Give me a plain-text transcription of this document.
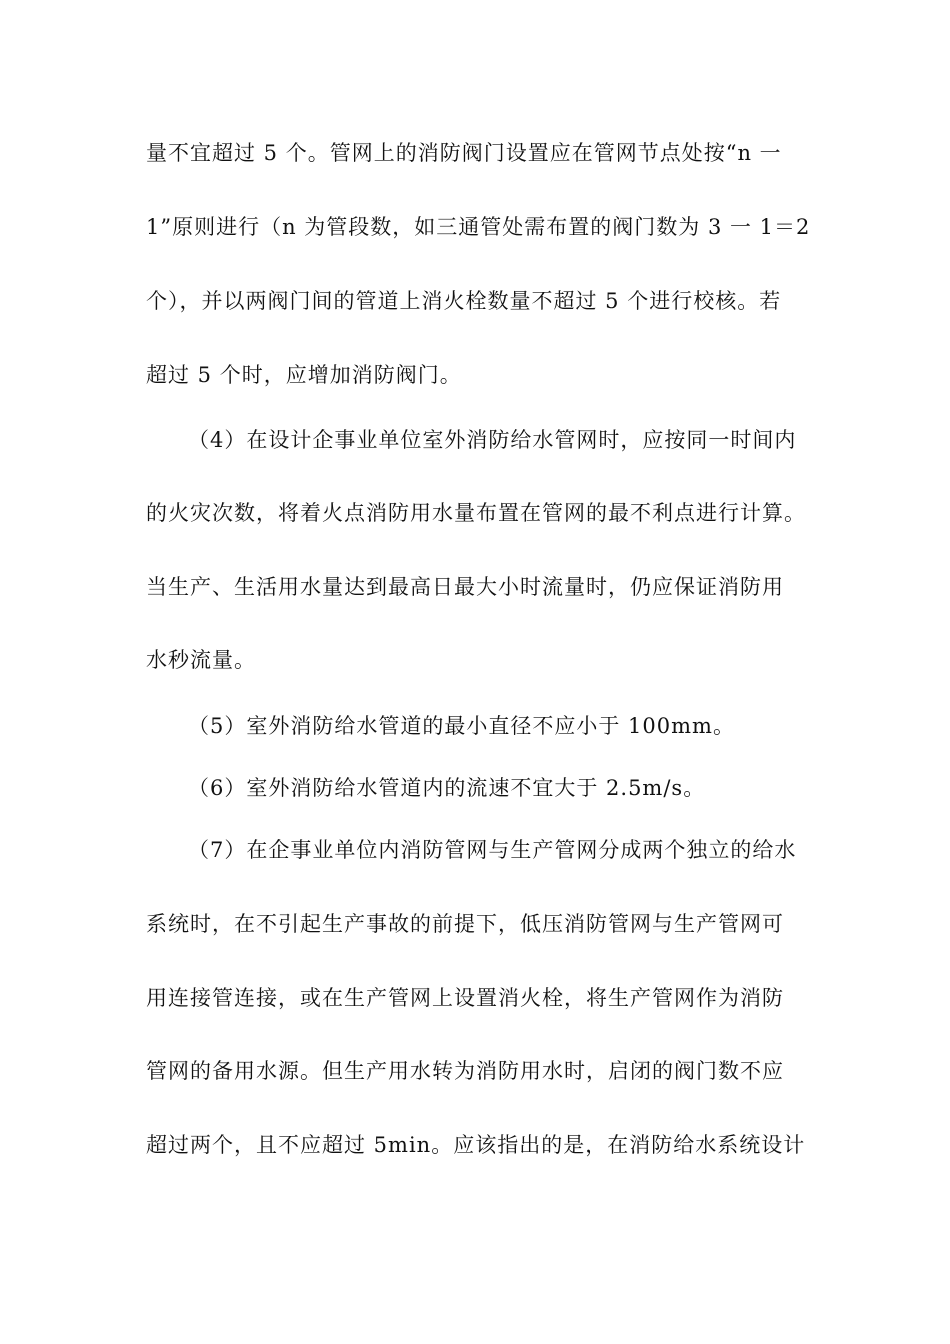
量不宜超过 5 个。管网上的消防阀门设置应在管网节点处按“n 一
1”原则进行（n 为管段数，如三通管处需布置的阀门数为 3 一 1＝2
个），并以两阀门间的管道上消火栓数量不超过 5 个进行校核。若
超过 5 个时，应增加消防阀门。
（4）在设计企事业单位室外消防给水管网时，应按同一时间内
的火灾次数，将着火点消防用水量布置在管网的最不利点进行计算。
当生产、生活用水量达到最高日最大小时流量时，仍应保证消防用
水秒流量。
（5）室外消防给水管道的最小直径不应小于 100mm。
（6）室外消防给水管道内的流速不宜大于 2.5m/s。
（7）在企事业单位内消防管网与生产管网分成两个独立的给水
系统时，在不引起生产事故的前提下，低压消防管网与生产管网可
用连接管连接，或在生产管网上设置消火栓，将生产管网作为消防
管网的备用水源。但生产用水转为消防用水时，启闭的阀门数不应
超过两个，且不应超过 5min。应该指出的是，在消防给水系统设计
